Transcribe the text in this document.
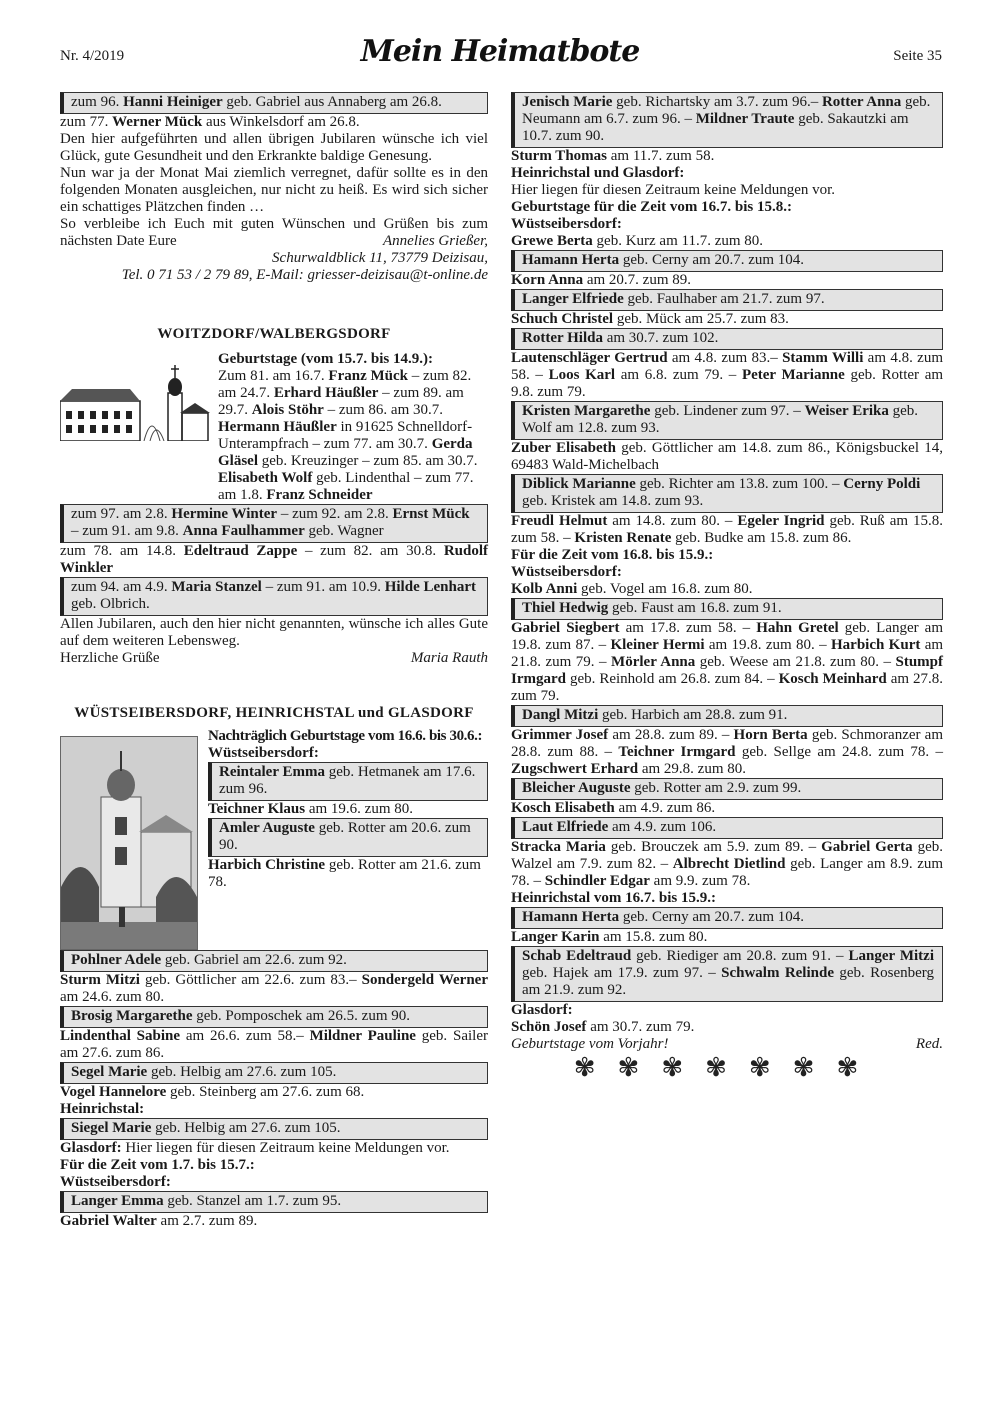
Nr. 4/2019	Mein Heimatbote	Seite 35

zum 96. Hanni Heiniger geb. Gabriel aus Annaberg am 26.8.

zum 77. Werner Mück aus Winkelsdorf am 26.8.

Den hier aufgeführten und allen übrigen Jubilaren wünsche ich viel Glück, gute Gesundheit und den Erkrankte baldige Genesung.

Nun war ja der Monat Mai ziemlich verregnet, dafür sollte es in den folgenden Monaten ausgleichen, nur nicht zu heiß. Es wird sich sicher ein schattiges Plätzchen finden …

So verbleibe ich Euch mit guten Wünschen und Grüßen bis zum nächsten Date Eure	Annelies Grießer,

Schurwaldblick 11, 73779 Deizisau,

Tel. 0 71 53 / 2 79 89, E-Mail: griesser-deizisau@t-online.de

WOITZDORF/WALBERGSDORF

Geburtstage (vom 15.7. bis 14.9.):

Zum 81. am 16.7. Franz Mück – zum 82. am 24.7. Erhard Häußler – zum 89. am 29.7. Alois Stöhr – zum 86. am 30.7. Hermann Häußler in 91625 Schnelldorf-Unterampfrach – zum 77. am 30.7. Gerda Gläsel geb. Kreuzinger – zum 85. am 30.7. Elisabeth Wolf geb. Lindenthal – zum 77. am 1.8. Franz Schneider

zum 97. am 2.8. Hermine Winter – zum 92. am 2.8. Ernst Mück – zum 91. am 9.8. Anna Faulhammer geb. Wagner

zum 78. am 14.8. Edeltraud Zappe – zum 82. am 30.8. Rudolf Winkler

zum 94. am 4.9. Maria Stanzel – zum 91. am 10.9. Hilde Lenhart geb. Olbrich.

Allen Jubilaren, auch den hier nicht genannten, wünsche ich alles Gute auf dem weiteren Lebensweg.

Herzliche Grüße	Maria Rauth

WÜSTSEIBERSDORF, HEINRICHSTAL und GLASDORF

Nachträglich Geburtstage vom 16.6. bis 30.6.:

Wüstseibersdorf:

Reintaler Emma geb. Hetmanek am 17.6. zum 96.

Teichner Klaus am 19.6. zum 80.

Amler Auguste geb. Rotter am 20.6. zum 90.

Harbich Christine geb. Rotter am 21.6. zum 78.

Pohlner Adele geb. Gabriel am 22.6. zum 92.

Sturm Mitzi geb. Göttlicher am 22.6. zum 83.– Sondergeld Werner am 24.6. zum 80.

Brosig Margarethe geb. Pomposchek am 26.5. zum 90.

Lindenthal Sabine am 26.6. zum 58.– Mildner Pauline geb. Sailer am 27.6. zum 86.

Segel Marie geb. Helbig am 27.6. zum 105.

Vogel Hannelore geb. Steinberg am 27.6. zum 68.

Heinrichstal:

Siegel Marie geb. Helbig am 27.6. zum 105.

Glasdorf: Hier liegen für diesen Zeitraum keine Meldungen vor.

Für die Zeit vom 1.7. bis 15.7.:

Wüstseibersdorf:

Langer Emma geb. Stanzel am 1.7. zum 95.

Gabriel Walter am 2.7. zum 89.

Jenisch Marie geb. Richartsky am 3.7. zum 96.– Rotter Anna geb. Neumann am 6.7. zum 96. – Mildner Traute geb. Sakautzki am 10.7. zum 90.

Sturm Thomas am 11.7. zum 58.

Heinrichstal und Glasdorf:

Hier liegen für diesen Zeitraum keine Meldungen vor.

Geburtstage für die Zeit vom 16.7. bis 15.8.:

Wüstseibersdorf:

Grewe Berta geb. Kurz am 11.7. zum 80.

Hamann Herta geb. Cerny am 20.7. zum 104.

Korn Anna am 20.7. zum 89.

Langer Elfriede geb. Faulhaber am 21.7. zum 97.

Schuch Christel geb. Mück am 25.7. zum 83.

Rotter Hilda am 30.7. zum 102.

Lautenschläger Gertrud am 4.8. zum 83.– Stamm Willi am 4.8. zum 58. – Loos Karl am 6.8. zum 79. – Peter Marianne geb. Rotter am 9.8. zum 79.

Kristen Margarethe geb. Lindener zum 97. – Weiser Erika geb. Wolf am 12.8. zum 93.

Zuber Elisabeth geb. Göttlicher am 14.8. zum 86., Königsbuckel 14, 69483 Wald-Michelbach

Diblick Marianne geb. Richter am 13.8. zum 100. – Cerny Poldi geb. Kristek am 14.8. zum 93.

Freudl Helmut am 14.8. zum 80. – Egeler Ingrid geb. Ruß am 15.8. zum 58. – Kristen Renate geb. Budke am 15.8. zum 86.

Für die Zeit vom 16.8. bis 15.9.:

Wüstseibersdorf:

Kolb Anni geb. Vogel am 16.8. zum 80.

Thiel Hedwig geb. Faust am 16.8. zum 91.

Gabriel Siegbert am 17.8. zum 58. – Hahn Gretel geb. Langer am 19.8. zum 87. – Kleiner Hermi am 19.8. zum 80. – Harbich Kurt am 21.8. zum 79. – Mörler Anna geb. Weese am 21.8. zum 80. – Stumpf Irmgard geb. Reinhold am 26.8. zum 84. – Kosch Meinhard am 27.8. zum 79.

Dangl Mitzi geb. Harbich am 28.8. zum 91.

Grimmer Josef am 28.8. zum 89. – Horn Berta geb. Schmoranzer am 28.8. zum 88. – Teichner Irmgard geb. Sellge am 24.8. zum 78. – Zugschwert Erhard am 29.8. zum 80.

Bleicher Auguste geb. Rotter am 2.9. zum 99.

Kosch Elisabeth am 4.9. zum 86.

Laut Elfriede am 4.9. zum 106.

Stracka Maria geb. Brouczek am 5.9. zum 89. – Gabriel Gerta geb. Walzel am 7.9. zum 82. – Albrecht Dietlind geb. Langer am 8.9. zum 78. – Schindler Edgar am 9.9. zum 78.

Heinrichstal vom 16.7. bis 15.9.:

Hamann Herta geb. Cerny am 20.7. zum 104.

Langer Karin am 15.8. zum 80.

Schab Edeltraud geb. Riediger am 20.8. zum 91. – Langer Mitzi geb. Hajek am 17.9. zum 97. – Schwalm Relinde geb. Rosenberg am 21.9. zum 92.

Glasdorf:

Schön Josef am 30.7. zum 79.

Geburtstage vom Vorjahr!	Red.
✾✾✾✾✾✾✾
